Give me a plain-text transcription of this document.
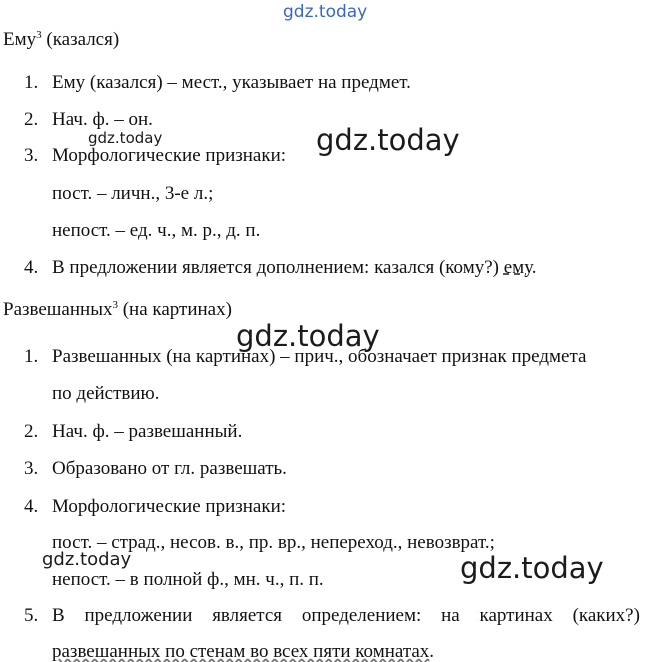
gdz.today
gdz.today	gdz.today
gdz.today
gdz.today	gdz.today
Ему$^3$ (казался)
1. Ему (казался) – мест., указывает на предмет.
2. Нач. ф. – он.
3. Морфологические признаки:
пост. – личн., 3-е л.;
непост. – ед. ч., м. р., д. п.
4. В предложении является дополнением: казался (кому?) ему.
Развешанных$^3$ (на картинах)
1. Развешанных (на картинах) – прич., обозначает признак предмета
по действию.
2. Нач. ф. – развешанный.
3. Образовано от гл. развешать.
4. Морфологические признаки:
пост. – страд., несов. в., пр. вр., непереход., невозврат.;
непост. – в полной ф., мн. ч., п. п.
5. В предложении является определением: на картинах (каких?)
развешанных по стенам во всех пяти комнатах.
